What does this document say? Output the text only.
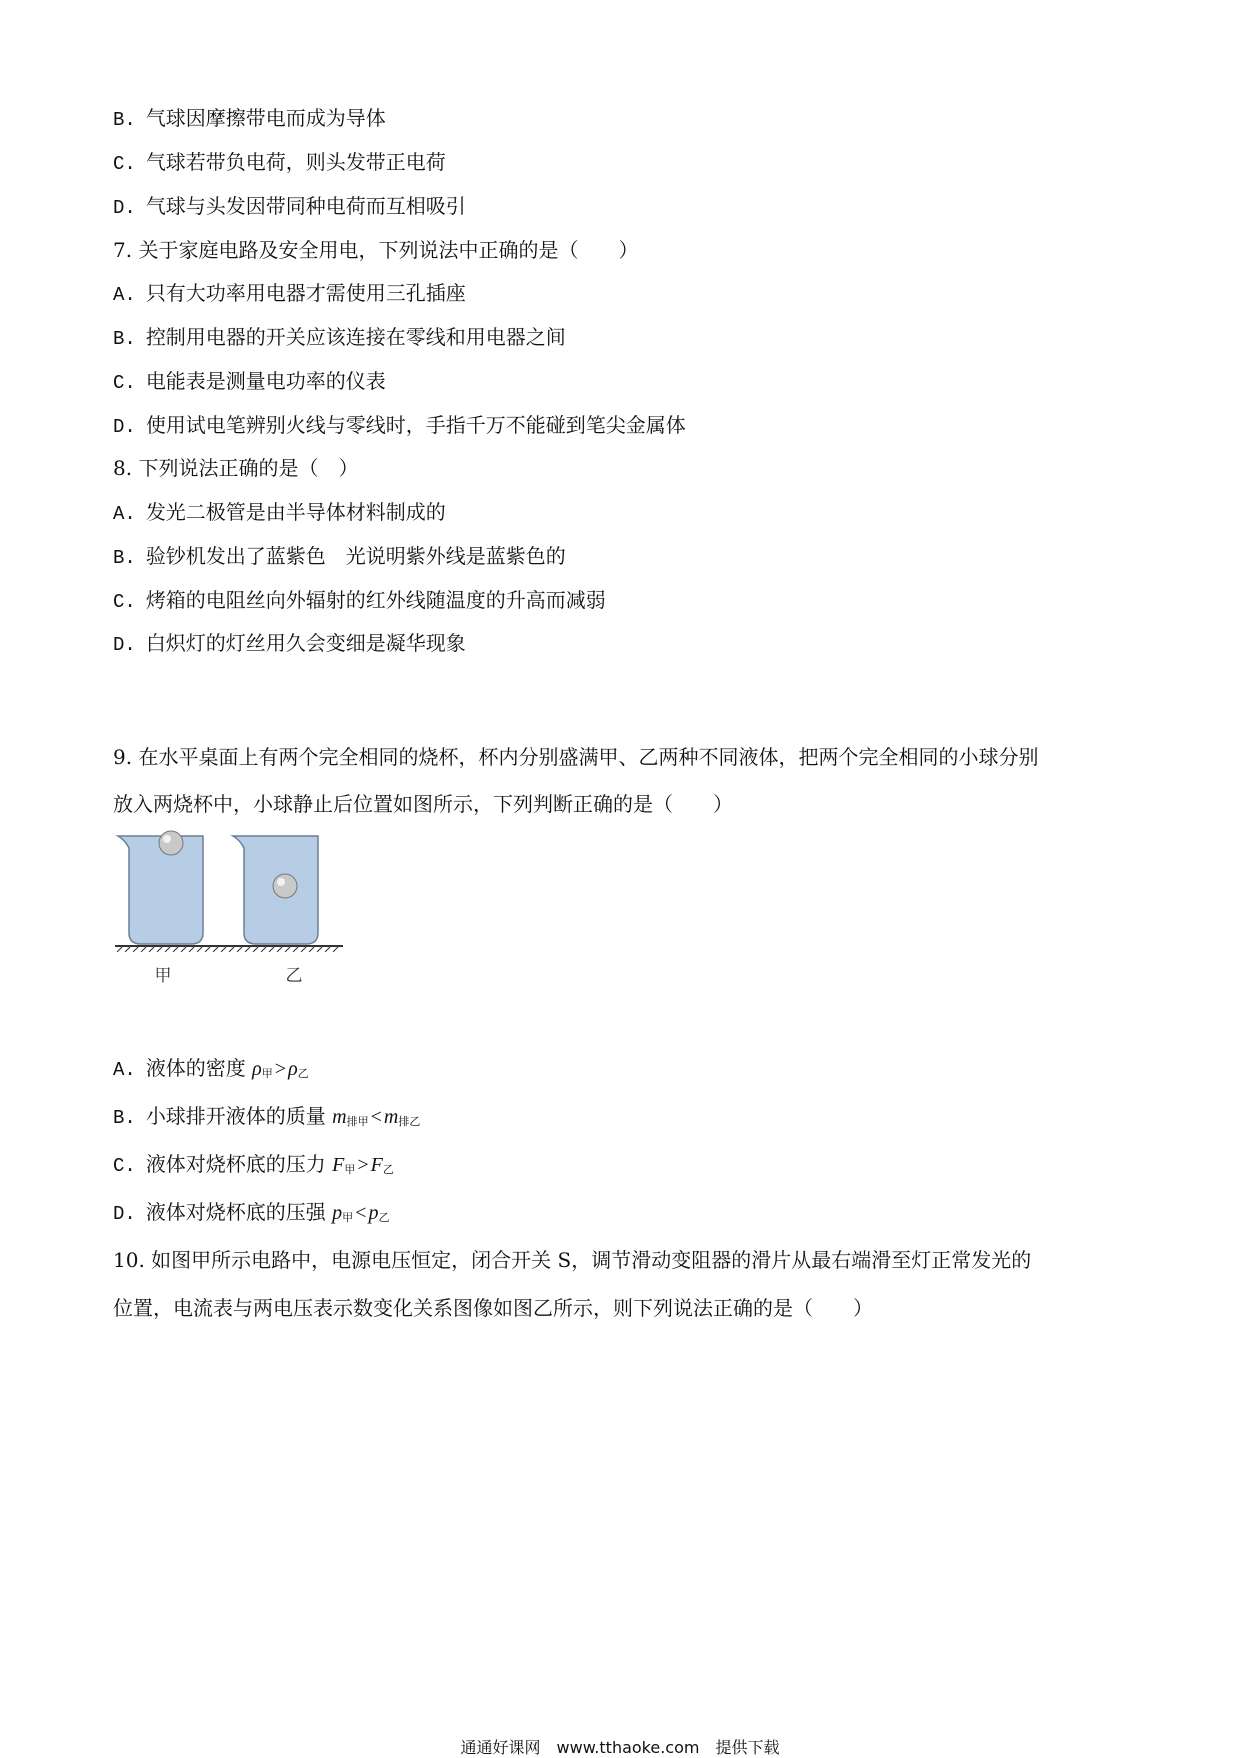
B. 气球因摩擦带电而成为导体
C. 气球若带负电荷，则头发带正电荷
D. 气球与头发因带同种电荷而互相吸引
7. 关于家庭电路及安全用电，下列说法中正确的是（　　）
A. 只有大功率用电器才需使用三孔插座
B. 控制用电器的开关应该连接在零线和用电器之间
C. 电能表是测量电功率的仪表
D. 使用试电笔辨别火线与零线时，手指千万不能碰到笔尖金属体
8. 下列说法正确的是（　）
A. 发光二极管是由半导体材料制成的
B. 验钞机发出了蓝紫色　光说明紫外线是蓝紫色的
C. 烤箱的电阻丝向外辐射的红外线随温度的升高而减弱
D. 白炽灯的灯丝用久会变细是凝华现象
9. 在水平桌面上有两个完全相同的烧杯，杯内分别盛满甲、乙两种不同液体，把两个完全相同的小球分别
放入两烧杯中，小球静止后位置如图所示，下列判断正确的是（　　）
甲	乙
A. 液体的密度 ρ甲 > ρ乙
B. 小球排开液体的质量 m排甲 < m排乙
C. 液体对烧杯底的压力 F甲 > F乙
D. 液体对烧杯底的压强 p甲 < p乙
10. 如图甲所示电路中，电源电压恒定，闭合开关 S，调节滑动变阻器的滑片从最右端滑至灯正常发光的
位置，电流表与两电压表示数变化关系图像如图乙所示，则下列说法正确的是（　　）
通通好课网　www.tthaoke.com　提供下载
